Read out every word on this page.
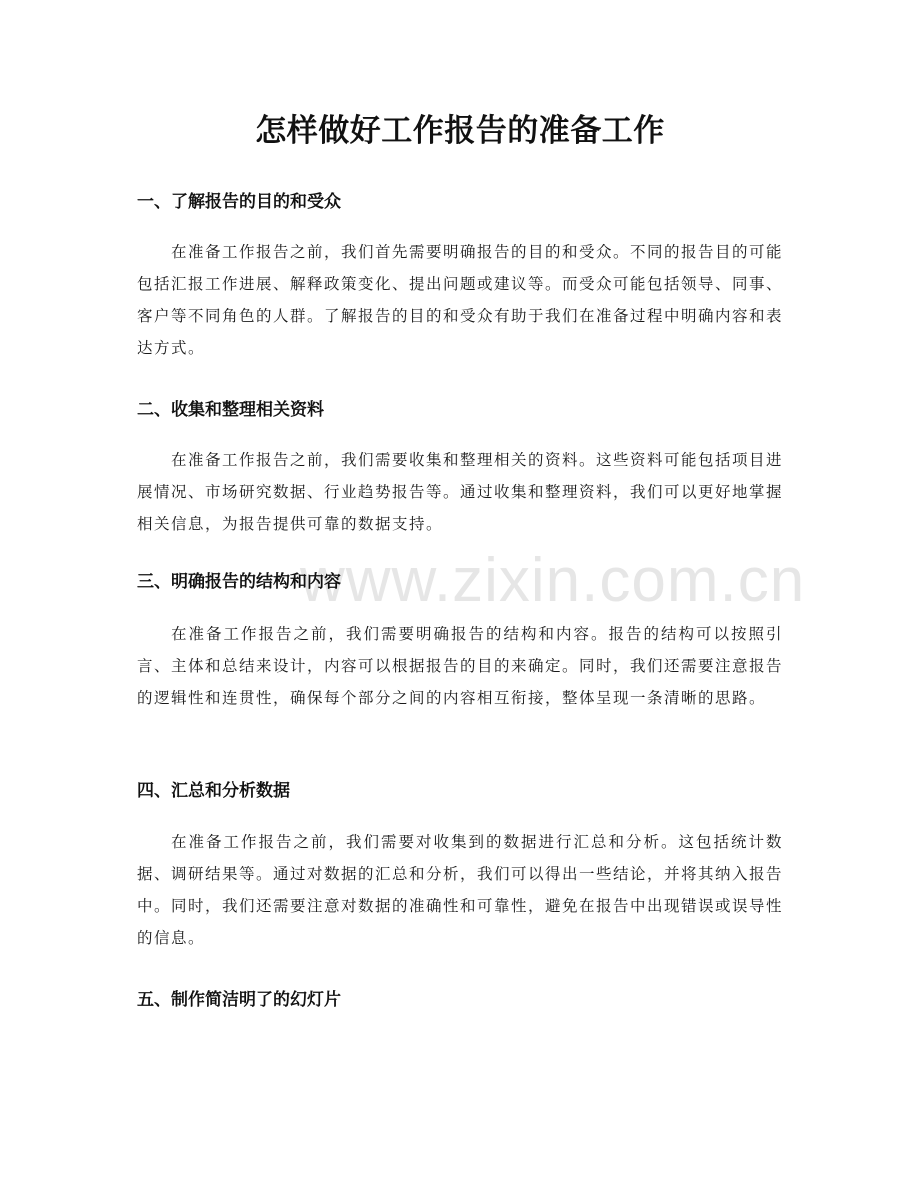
www.zixin.com.cn
怎样做好工作报告的准备工作
一、了解报告的目的和受众
在准备工作报告之前，我们首先需要明确报告的目的和受众。不同的报告目的可能包括汇报工作进展、解释政策变化、提出问题或建议等。而受众可能包括领导、同事、客户等不同角色的人群。了解报告的目的和受众有助于我们在准备过程中明确内容和表达方式。
二、收集和整理相关资料
在准备工作报告之前，我们需要收集和整理相关的资料。这些资料可能包括项目进展情况、市场研究数据、行业趋势报告等。通过收集和整理资料，我们可以更好地掌握相关信息，为报告提供可靠的数据支持。
三、明确报告的结构和内容
在准备工作报告之前，我们需要明确报告的结构和内容。报告的结构可以按照引言、主体和总结来设计，内容可以根据报告的目的来确定。同时，我们还需要注意报告的逻辑性和连贯性，确保每个部分之间的内容相互衔接，整体呈现一条清晰的思路。
四、汇总和分析数据
在准备工作报告之前，我们需要对收集到的数据进行汇总和分析。这包括统计数据、调研结果等。通过对数据的汇总和分析，我们可以得出一些结论，并将其纳入报告中。同时，我们还需要注意对数据的准确性和可靠性，避免在报告中出现错误或误导性的信息。
五、制作简洁明了的幻灯片
